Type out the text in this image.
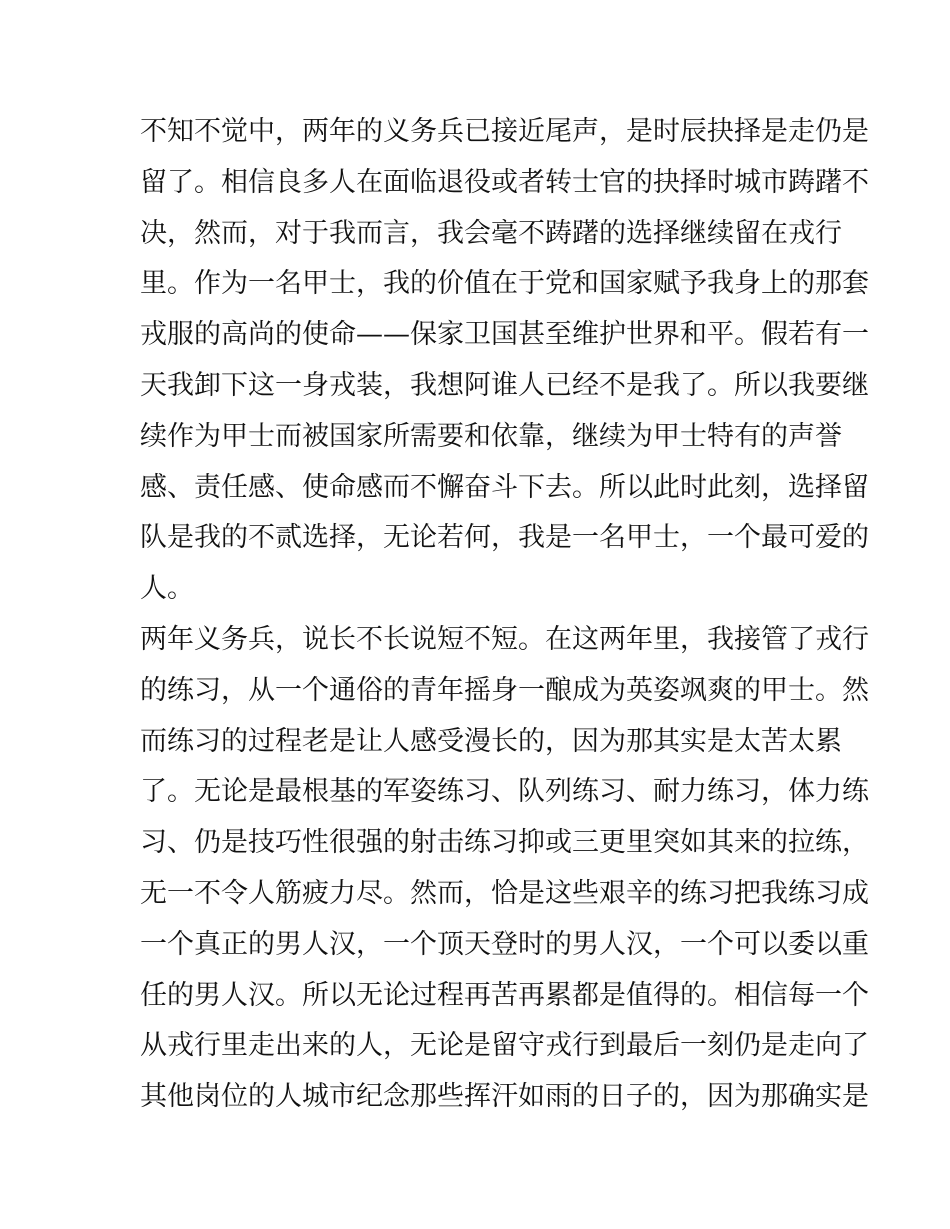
不知不觉中，两年的义务兵已接近尾声，是时辰抉择是走仍是
留了。相信良多人在面临退役或者转士官的抉择时城市踌躇不
决，然而，对于我而言，我会毫不踌躇的选择继续留在戎行
里。作为一名甲士，我的价值在于党和国家赋予我身上的那套
戎服的高尚的使命——保家卫国甚至维护世界和平。假若有一
天我卸下这一身戎装，我想阿谁人已经不是我了。所以我要继
续作为甲士而被国家所需要和依靠，继续为甲士特有的声誉
感、责任感、使命感而不懈奋斗下去。所以此时此刻，选择留
队是我的不贰选择，无论若何，我是一名甲士，一个最可爱的
人。
两年义务兵，说长不长说短不短。在这两年里，我接管了戎行
的练习，从一个通俗的青年摇身一酿成为英姿飒爽的甲士。然
而练习的过程老是让人感受漫长的，因为那其实是太苦太累
了。无论是最根基的军姿练习、队列练习、耐力练习，体力练
习、仍是技巧性很强的射击练习抑或三更里突如其来的拉练，
无一不令人筋疲力尽。然而，恰是这些艰辛的练习把我练习成
一个真正的男人汉，一个顶天登时的男人汉，一个可以委以重
任的男人汉。所以无论过程再苦再累都是值得的。相信每一个
从戎行里走出来的人，无论是留守戎行到最后一刻仍是走向了
其他岗位的人城市纪念那些挥汗如雨的日子的，因为那确实是
